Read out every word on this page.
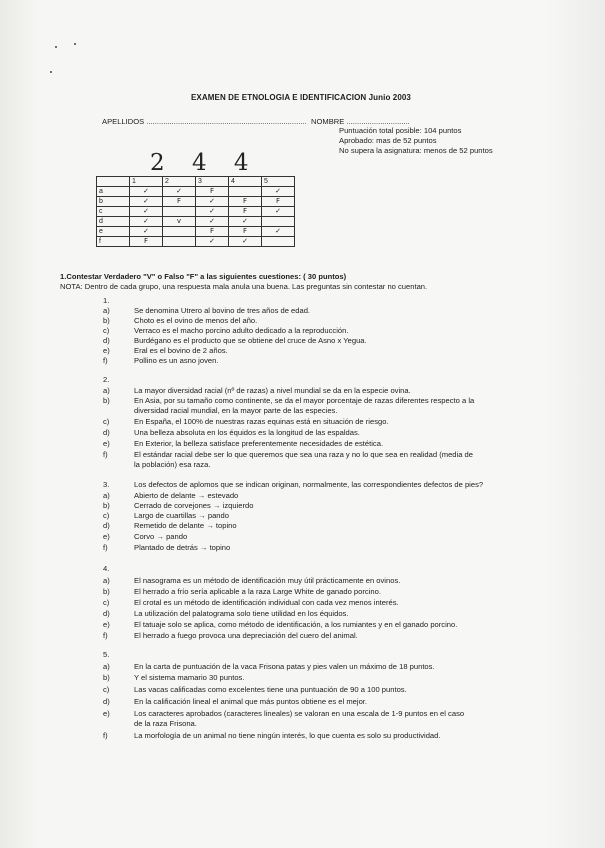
EXAMEN DE ETNOLOGIA E IDENTIFICACION Junio 2003
APELLIDOS ............................................................................ NOMBRE ..............................
Puntuación total posible: 104 puntos
Aprobado: mas de 52 puntos
No supera la asignatura: menos de 52 puntos
2 4 4
	1	2	3	4	5
a	✓	✓	F		✓
b	✓	F	✓	F	F
c	✓		✓	F	✓
d	✓	v	✓	✓	
e	✓		F	F	✓
f	F		✓	✓	
1.Contestar Verdadero "V" o Falso "F" a las siguientes cuestiones: ( 30 puntos)
NOTA: Dentro de cada grupo, una respuesta mala anula una buena. Las preguntas sin contestar no cuentan.
1.
a)	Se denomina Utrero al bovino de tres años de edad.
b)	Choto es el ovino de menos del año.
c)	Verraco es el macho porcino adulto dedicado a la reproducción.
d)	Burdégano es el producto que se obtiene del cruce de Asno x Yegua.
e)	Eral es el bovino de 2 años.
f)	Pollino es un asno joven.
2.
a)	La mayor diversidad racial (nº de razas) a nivel mundial se da en la especie ovina.
b)	En Asia, por su tamaño como continente, se da el mayor porcentaje de razas diferentes respecto a la
diversidad racial mundial, en la mayor parte de las especies.
c)	En España, el 100% de nuestras razas equinas está en situación de riesgo.
d)	Una belleza absoluta en los équidos es la longitud de las espaldas.
e)	En Exterior, la belleza satisface preferentemente necesidades de estética.
f)	El estándar racial debe ser lo que queremos que sea una raza y no lo que sea en realidad (media de
la población) esa raza.
3.	Los defectos de aplomos que se indican originan, normalmente, las correspondientes defectos de pies?
a)	Abierto de delante → estevado
b)	Cerrado de corvejones → izquierdo
c)	Largo de cuartillas → pando
d)	Remetido de delante → topino
e)	Corvo → pando
f)	Plantado de detrás → topino
4.
a)	El nasograma es un método de identificación muy útil prácticamente en ovinos.
b)	El herrado a frío sería aplicable a la raza Large White de ganado porcino.
c)	El crotal es un método de identificación individual con cada vez menos interés.
d)	La utilización del palatograma solo tiene utilidad en los équidos.
e)	El tatuaje solo se aplica, como método de identificación, a los rumiantes y en el ganado porcino.
f)	El herrado a fuego provoca una depreciación del cuero del animal.
5.
a)	En la carta de puntuación de la vaca Frisona patas y pies valen un máximo de 18 puntos.
b)	Y el sistema mamario 30 puntos.
c)	Las vacas calificadas como excelentes tiene una puntuación de 90 a 100 puntos.
d)	En la calificación lineal el animal que más puntos obtiene es el mejor.
e)	Los caracteres aprobados (caracteres lineales) se valoran en una escala de 1-9 puntos en el caso
de la raza Frisona.
f)	La morfología de un animal no tiene ningún interés, lo que cuenta es solo su productividad.
